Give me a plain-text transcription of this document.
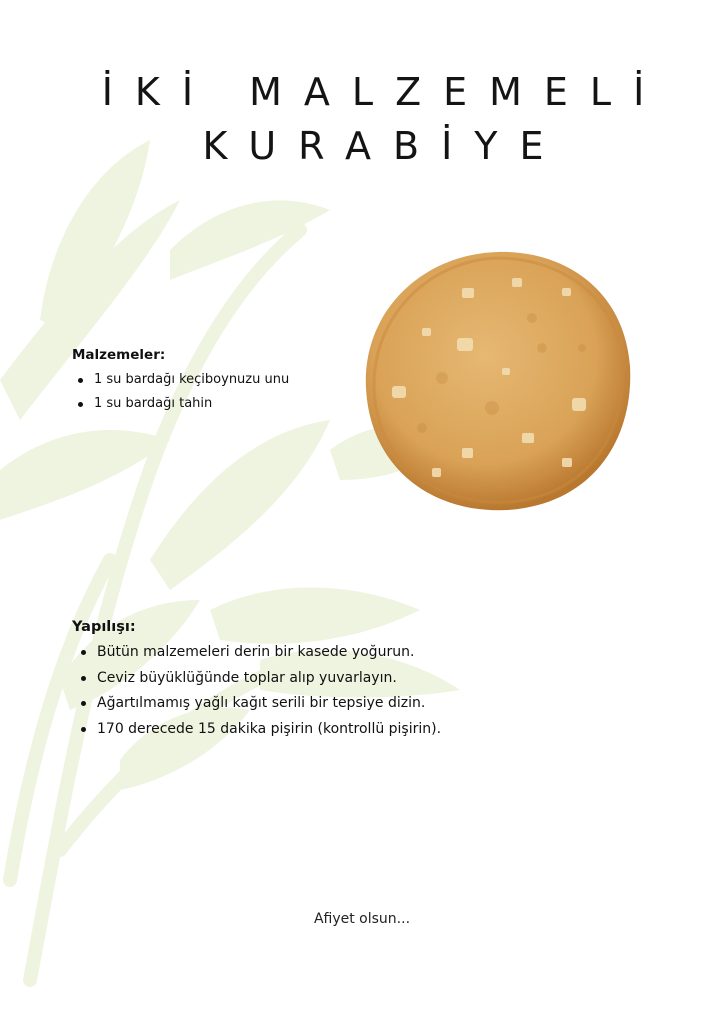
İKİ MALZEMELİ
KURABİYE
Malzemeler:
1 su bardağı keçiboynuzu unu
1 su bardağı tahin
Yapılışı:
Bütün malzemeleri derin bir kasede yoğurun.
Ceviz büyüklüğünde toplar alıp yuvarlayın.
Ağartılmamış yağlı kağıt serili bir tepsiye dizin.
170 derecede 15 dakika pişirin (kontrollü pişirin).
Afiyet olsun...
